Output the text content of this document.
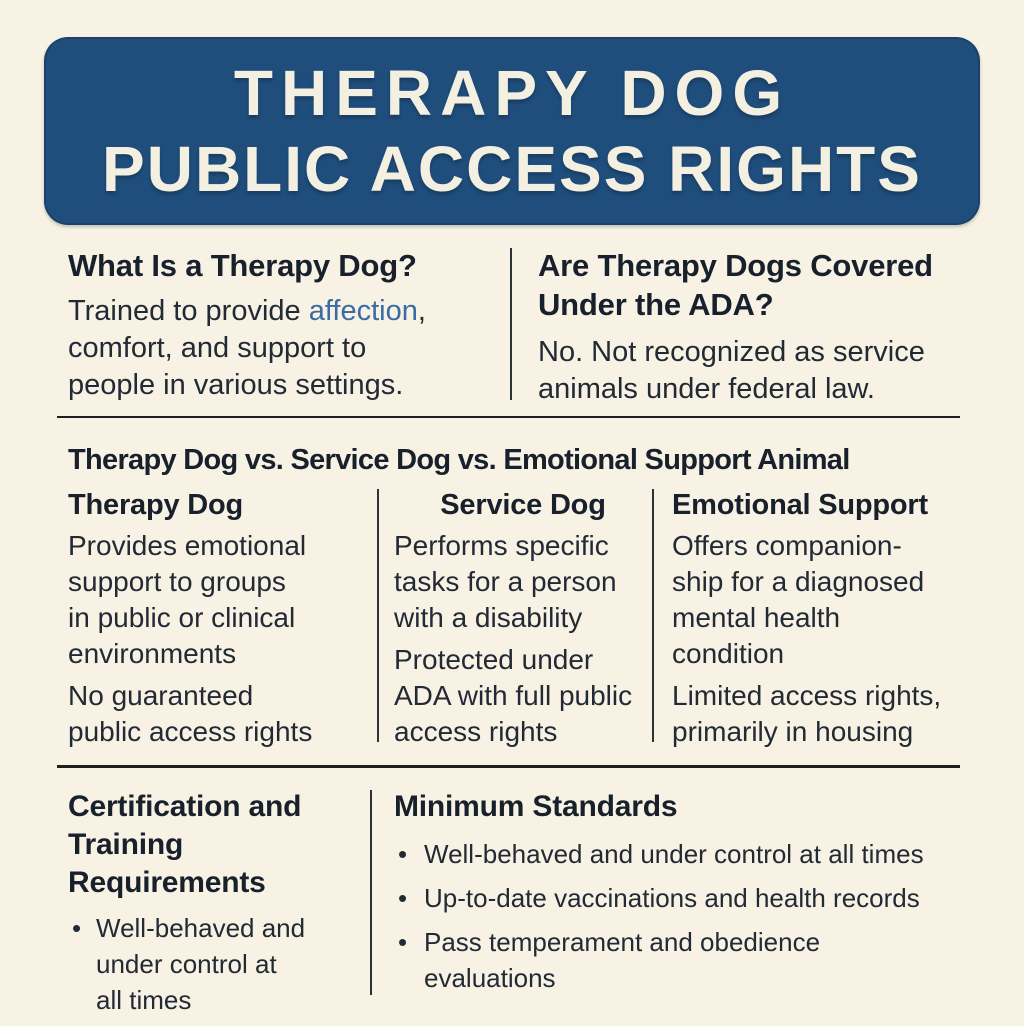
THERAPY DOG
PUBLIC ACCESS RIGHTS
What Is a Therapy Dog?

Trained to provide affection, comfort, and support to people in various settings.

Are Therapy Dogs Covered Under the ADA?

No. Not recognized as service animals under federal law.

Therapy Dog vs. Service Dog vs. Emotional Support Animal
Therapy Dog

Provides emotional support to groups in public or clinical environments

No guaranteed public access rights

Service Dog

Performs specific tasks for a person with a disability

Protected under ADA with full public access rights

Emotional Support

Offers companion-ship for a diagnosed mental health condition

Limited access rights, primarily in housing

Certification and Training Requirements
• Well-behaved and under control at all times
Minimum Standards
• Well-behaved and under control at all times
• Up-to-date vaccinations and health records
• Pass temperament and obedience evaluations
